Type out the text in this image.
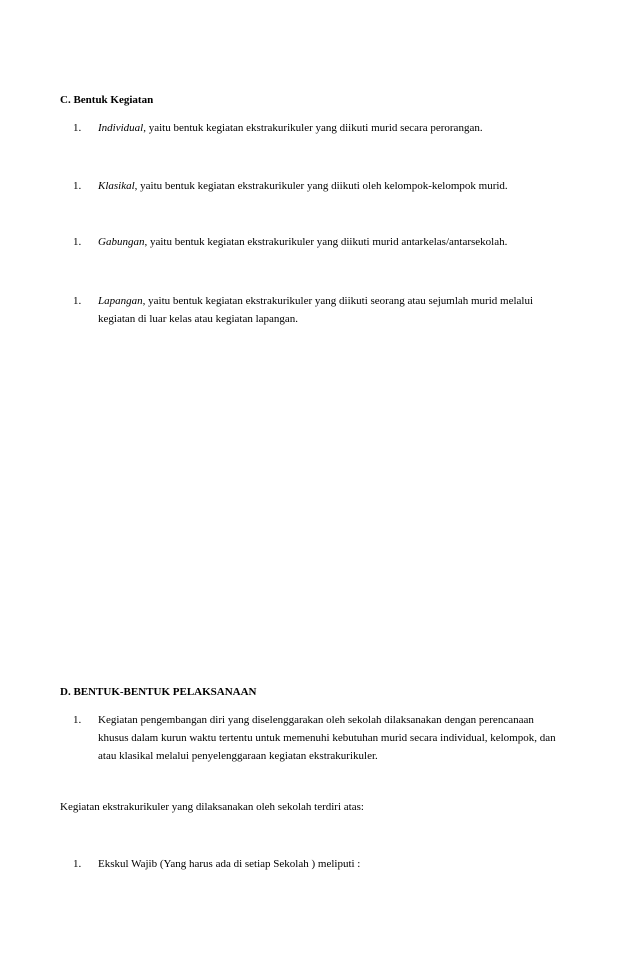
C. Bentuk Kegiatan
1. Individual, yaitu bentuk kegiatan ekstrakurikuler yang diikuti murid secara perorangan.
1. Klasikal, yaitu bentuk kegiatan ekstrakurikuler yang diikuti oleh kelompok-kelompok murid.
1. Gabungan, yaitu bentuk kegiatan ekstrakurikuler yang diikuti murid antarkelas/antarsekolah.
1. Lapangan, yaitu bentuk kegiatan ekstrakurikuler yang diikuti seorang atau sejumlah murid melalui kegiatan di luar kelas atau kegiatan lapangan.
D. BENTUK-BENTUK PELAKSANAAN
1. Kegiatan pengembangan diri yang diselenggarakan oleh sekolah dilaksanakan dengan perencanaan khusus dalam kurun waktu tertentu untuk memenuhi kebutuhan murid secara individual, kelompok, dan atau klasikal melalui penyelenggaraan kegiatan ekstrakurikuler.
Kegiatan ekstrakurikuler yang dilaksanakan oleh sekolah terdiri atas:
1. Ekskul Wajib (Yang harus ada di setiap Sekolah ) meliputi :
